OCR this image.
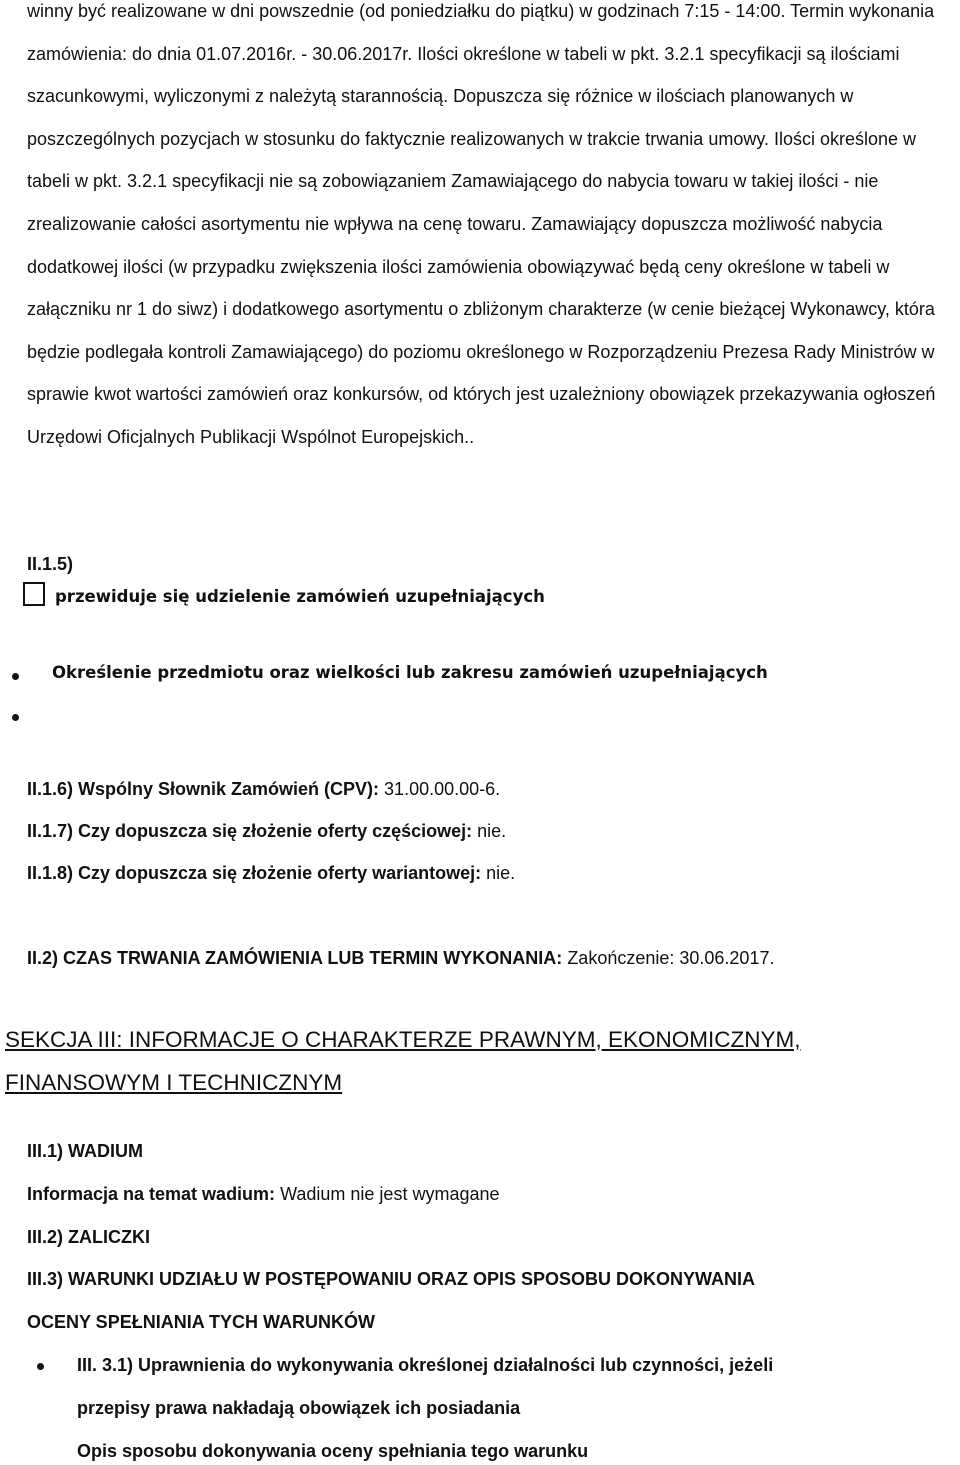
winny być realizowane w dni powszednie (od poniedziałku do piątku) w godzinach 7:15 - 14:00. Termin wykonania zamówienia: do dnia 01.07.2016r. - 30.06.2017r. Ilości określone w tabeli w pkt. 3.2.1 specyfikacji są ilościami szacunkowymi, wyliczonymi z należytą starannością. Dopuszcza się różnice w ilościach planowanych w poszczególnych pozycjach w stosunku do faktycznie realizowanych w trakcie trwania umowy. Ilości określone w tabeli w pkt. 3.2.1 specyfikacji nie są zobowiązaniem Zamawiającego do nabycia towaru w takiej ilości - nie zrealizowanie całości asortymentu nie wpływa na cenę towaru. Zamawiający dopuszcza możliwość nabycia dodatkowej ilości (w przypadku zwiększenia ilości zamówienia obowiązywać będą ceny określone w tabeli w załączniku nr 1 do siwz) i dodatkowego asortymentu o zbliżonym charakterze (w cenie bieżącej Wykonawcy, która będzie podlegała kontroli Zamawiającego) do poziomu określonego w Rozporządzeniu Prezesa Rady Ministrów w sprawie kwot wartości zamówień oraz konkursów, od których jest uzależniony obowiązek przekazywania ogłoszeń Urzędowi Oficjalnych Publikacji Wspólnot Europejskich..

II.1.5)
przewiduje się udzielenie zamówień uzupełniających
Określenie przedmiotu oraz wielkości lub zakresu zamówień uzupełniających
II.1.6) Wspólny Słownik Zamówień (CPV): 31.00.00.00-6.
II.1.7) Czy dopuszcza się złożenie oferty częściowej: nie.
II.1.8) Czy dopuszcza się złożenie oferty wariantowej: nie.
II.2) CZAS TRWANIA ZAMÓWIENIA LUB TERMIN WYKONANIA: Zakończenie: 30.06.2017.
SEKCJA III: INFORMACJE O CHARAKTERZE PRAWNYM, EKONOMICZNYM,
FINANSOWYM I TECHNICZNYM
III.1) WADIUM
Informacja na temat wadium: Wadium nie jest wymagane
III.2) ZALICZKI
III.3) WARUNKI UDZIAŁU W POSTĘPOWANIU ORAZ OPIS SPOSOBU DOKONYWANIA
OCENY SPEŁNIANIA TYCH WARUNKÓW
III. 3.1) Uprawnienia do wykonywania określonej działalności lub czynności, jeżeli
przepisy prawa nakładają obowiązek ich posiadania
Opis sposobu dokonywania oceny spełniania tego warunku
